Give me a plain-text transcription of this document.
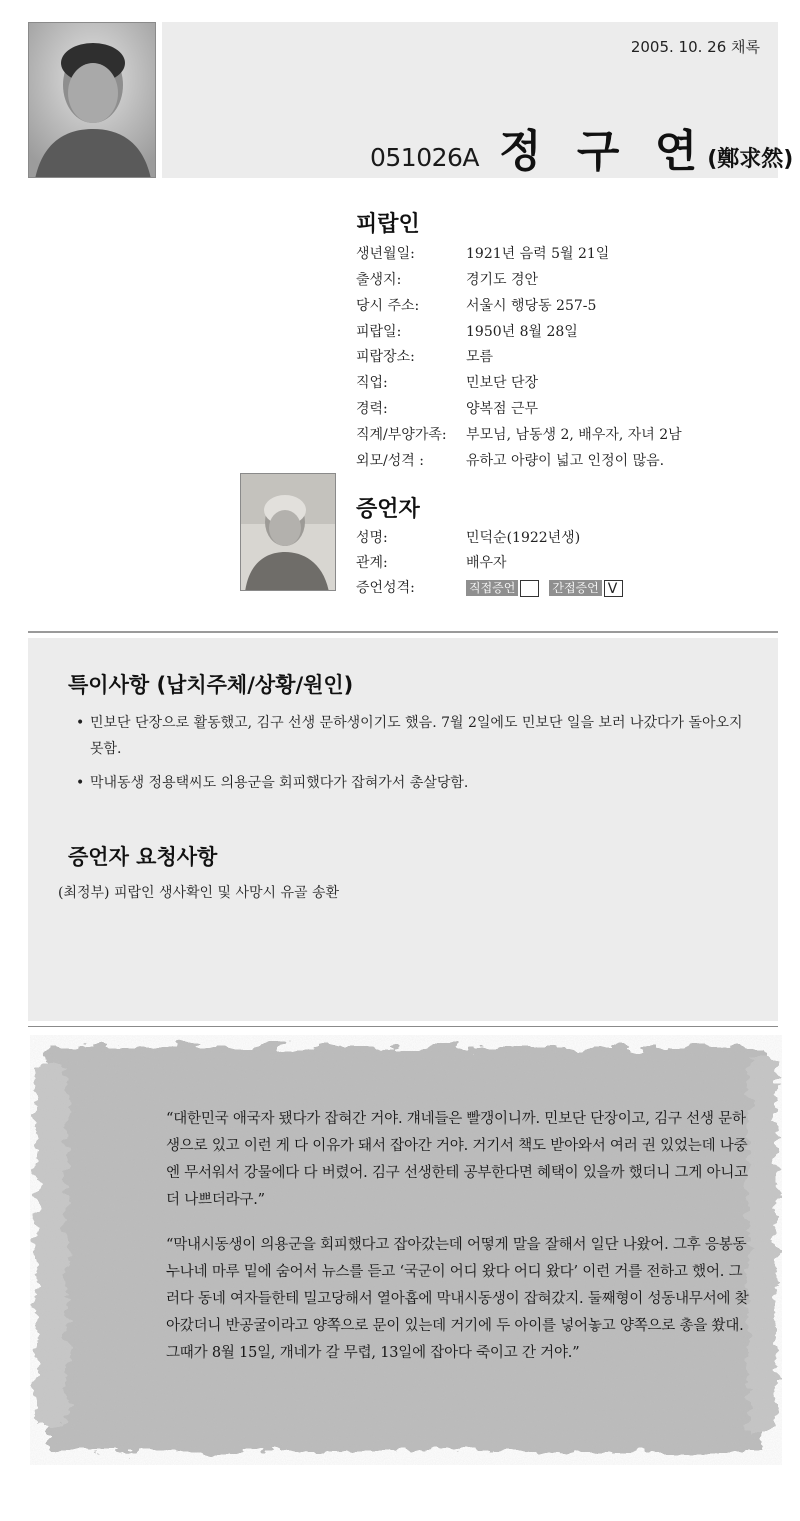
2005. 10. 26 채록
051026A 정 구 연 (鄭求然)
피랍인
생년월일:	1921년 음력 5월 21일
출생지:	경기도 경안
당시 주소:	서울시 행당동 257-5
피랍일:	1950년 8월 28일
피랍장소:	모름
직업:	민보단 단장
경력:	양복점 근무
직계/부양가족: 부모님, 남동생 2, 배우자, 자녀 2남
외모/성격 :	유하고 아량이 넓고 인정이 많음.
증언자
성명:	민덕순(1922년생)
관계:	배우자
증언성격:	직접증언	간접증언 V
특이사항 (납치주체/상황/원인)
• 민보단 단장으로 활동했고, 김구 선생 문하생이기도 했음. 7월 2일에도 민보단 일을 보러 나갔다가 돌아오지 못함.
• 막내동생 정용택씨도 의용군을 회피했다가 잡혀가서 총살당함.
증언자 요청사항
(최정부) 피랍인 생사확인 및 사망시 유골 송환
“대한민국 애국자 됐다가 잡혀간 거야. 걔네들은 빨갱이니까. 민보단 단장이고, 김구 선생 문하생으로 있고 이런 게 다 이유가 돼서 잡아간 거야. 거기서 책도 받아와서 여러 권 있었는데 나중엔 무서워서 강물에다 다 버렸어. 김구 선생한테 공부한다면 혜택이 있을까 했더니 그게 아니고 더 나쁘더라구.”
“막내시동생이 의용군을 회피했다고 잡아갔는데 어떻게 말을 잘해서 일단 나왔어. 그후 응봉동 누나네 마루 밑에 숨어서 뉴스를 듣고 ‘국군이 어디 왔다 어디 왔다’ 이런 거를 전하고 했어. 그러다 동네 여자들한테 밀고당해서 열아홉에 막내시동생이 잡혀갔지. 둘째형이 성동내무서에 찾아갔더니 반공굴이라고 양쪽으로 문이 있는데 거기에 두 아이를 넣어놓고 양쪽으로 총을 쐈대. 그때가 8월 15일, 개네가 갈 무렵, 13일에 잡아다 죽이고 간 거야.”
